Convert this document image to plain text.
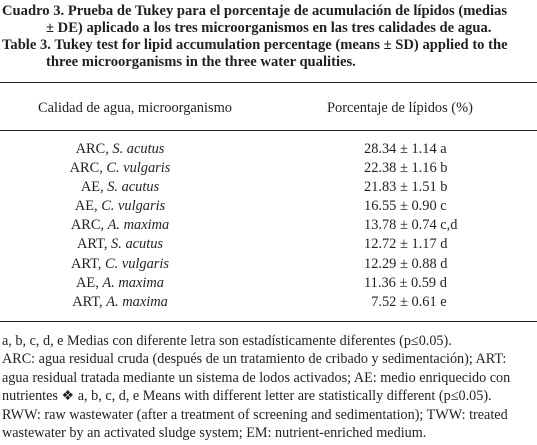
Cuadro 3. Prueba de Tukey para el porcentaje de acumulación de lípidos (medias
± DE) aplicado a los tres microorganismos en las tres calidades de agua.
Table 3. Tukey test for lipid accumulation percentage (means ± SD) applied to the
three microorganisms in the three water qualities.
Calidad de agua, microorganismo	Porcentaje de lípidos (%)
ARC, S. acutus	28.34 ± 1.14 a
ARC, C. vulgaris	22.38 ± 1.16 b
AE, S. acutus	21.83 ± 1.51 b
AE, C. vulgaris	16.55 ± 0.90 c
ARC, A. maxima	13.78 ± 0.74 c,d
ART, S. acutus	12.72 ± 1.17 d
ART, C. vulgaris	12.29 ± 0.88 d
AE, A. maxima	11.36 ± 0.59 d
ART, A. maxima	7.52 ± 0.61 e
a, b, c, d, e Medias con diferente letra son estadísticamente diferentes (p≤0.05).
ARC: agua residual cruda (después de un tratamiento de cribado y sedimentación); ART:
agua residual tratada mediante un sistema de lodos activados; AE: medio enriquecido con
nutrientes ❖ a, b, c, d, e Means with different letter are statistically different (p≤0.05).
RWW: raw wastewater (after a treatment of screening and sedimentation); TWW: treated
wastewater by an activated sludge system; EM: nutrient-enriched medium.
